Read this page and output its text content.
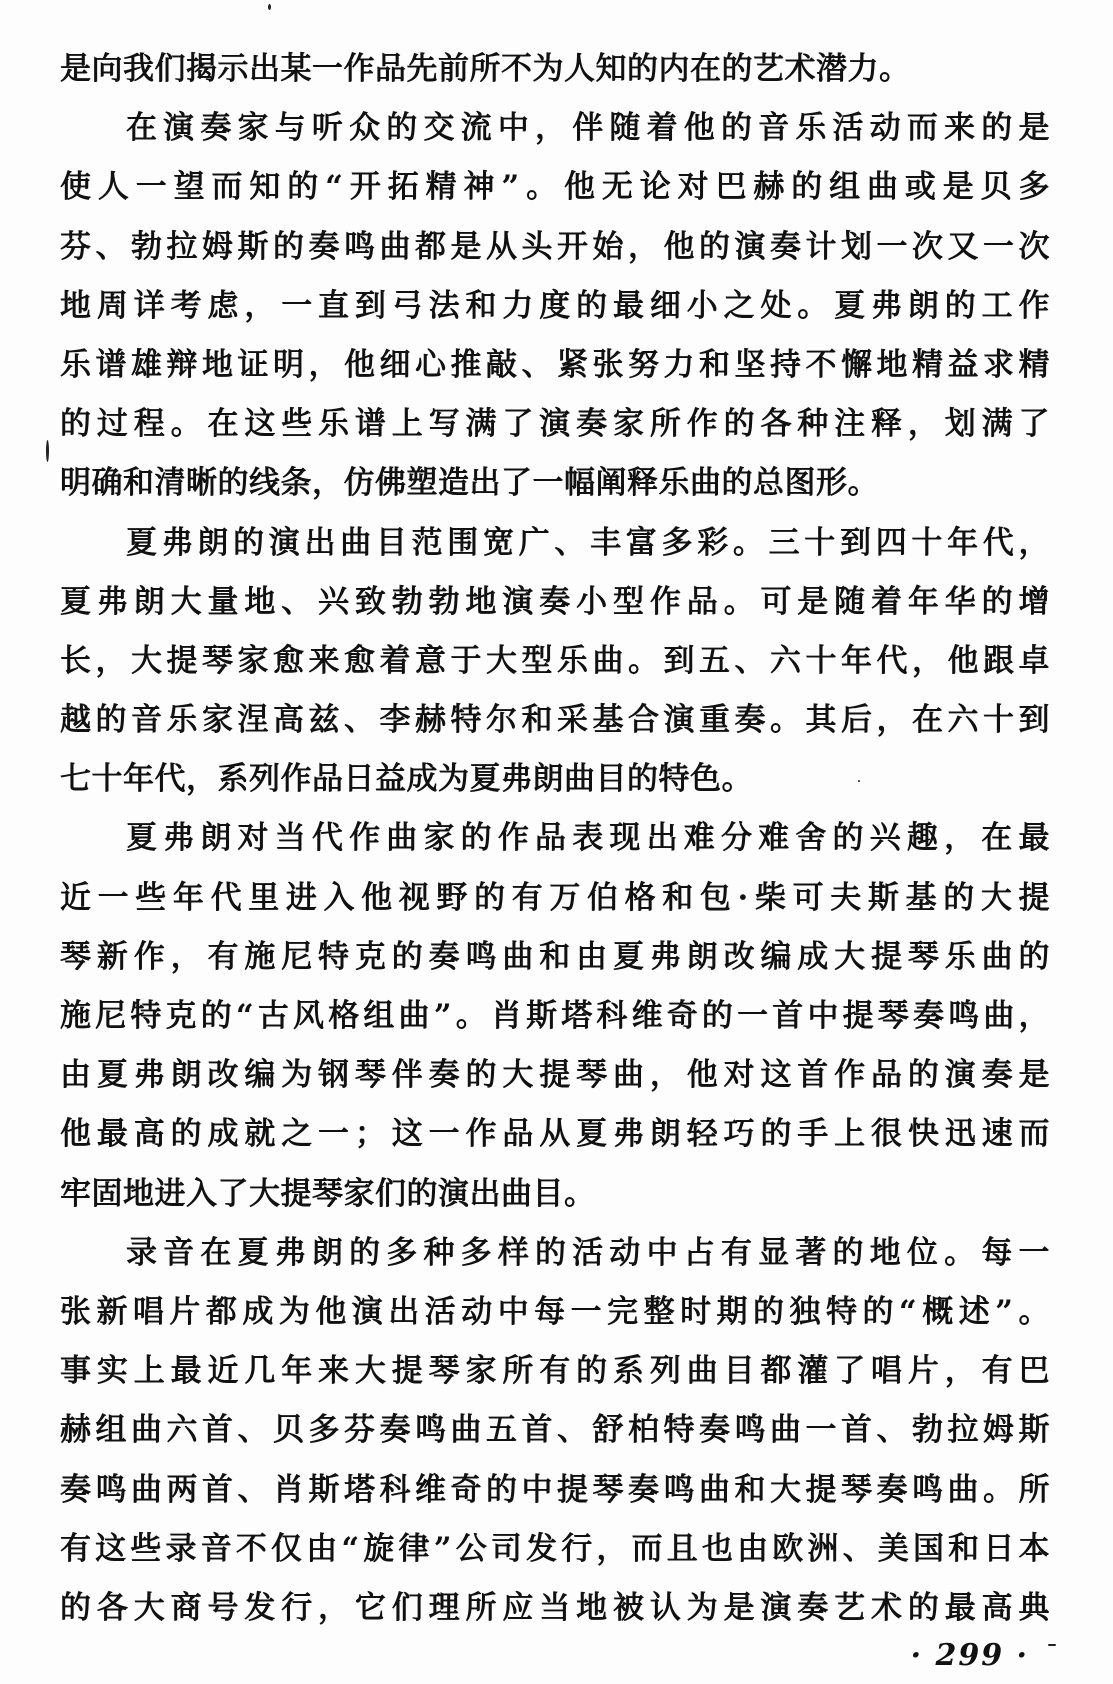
是向我们揭示出某一作品先前所不为人知的内在的艺术潜力。
在演奏家与听众的交流中，伴随着他的音乐活动而来的是
使人一望而知的“开拓精神”。他无论对巴赫的组曲或是贝多
芬、勃拉姆斯的奏鸣曲都是从头开始，他的演奏计划一次又一次
地周详考虑，一直到弓法和力度的最细小之处。夏弗朗的工作
乐谱雄辩地证明，他细心推敲、紧张努力和坚持不懈地精益求精
的过程。在这些乐谱上写满了演奏家所作的各种注释，划满了
明确和清晰的线条，仿佛塑造出了一幅阐释乐曲的总图形。
夏弗朗的演出曲目范围宽广、丰富多彩。三十到四十年代，
夏弗朗大量地、兴致勃勃地演奏小型作品。可是随着年华的增
长，大提琴家愈来愈着意于大型乐曲。到五、六十年代，他跟卓
越的音乐家涅高兹、李赫特尔和采基合演重奏。其后，在六十到
七十年代，系列作品日益成为夏弗朗曲目的特色。
夏弗朗对当代作曲家的作品表现出难分难舍的兴趣，在最
近一些年代里进入他视野的有万伯格和包·柴可夫斯基的大提
琴新作，有施尼特克的奏鸣曲和由夏弗朗改编成大提琴乐曲的
施尼特克的“古风格组曲”。肖斯塔科维奇的一首中提琴奏鸣曲，
由夏弗朗改编为钢琴伴奏的大提琴曲，他对这首作品的演奏是
他最高的成就之一；这一作品从夏弗朗轻巧的手上很快迅速而
牢固地进入了大提琴家们的演出曲目。
录音在夏弗朗的多种多样的活动中占有显著的地位。每一
张新唱片都成为他演出活动中每一完整时期的独特的“概述”。
事实上最近几年来大提琴家所有的系列曲目都灌了唱片，有巴
赫组曲六首、贝多芬奏鸣曲五首、舒柏特奏鸣曲一首、勃拉姆斯
奏鸣曲两首、肖斯塔科维奇的中提琴奏鸣曲和大提琴奏鸣曲。所
有这些录音不仅由“旋律”公司发行，而且也由欧洲、美国和日本
的各大商号发行，它们理所应当地被认为是演奏艺术的最高典
· 299 ·
